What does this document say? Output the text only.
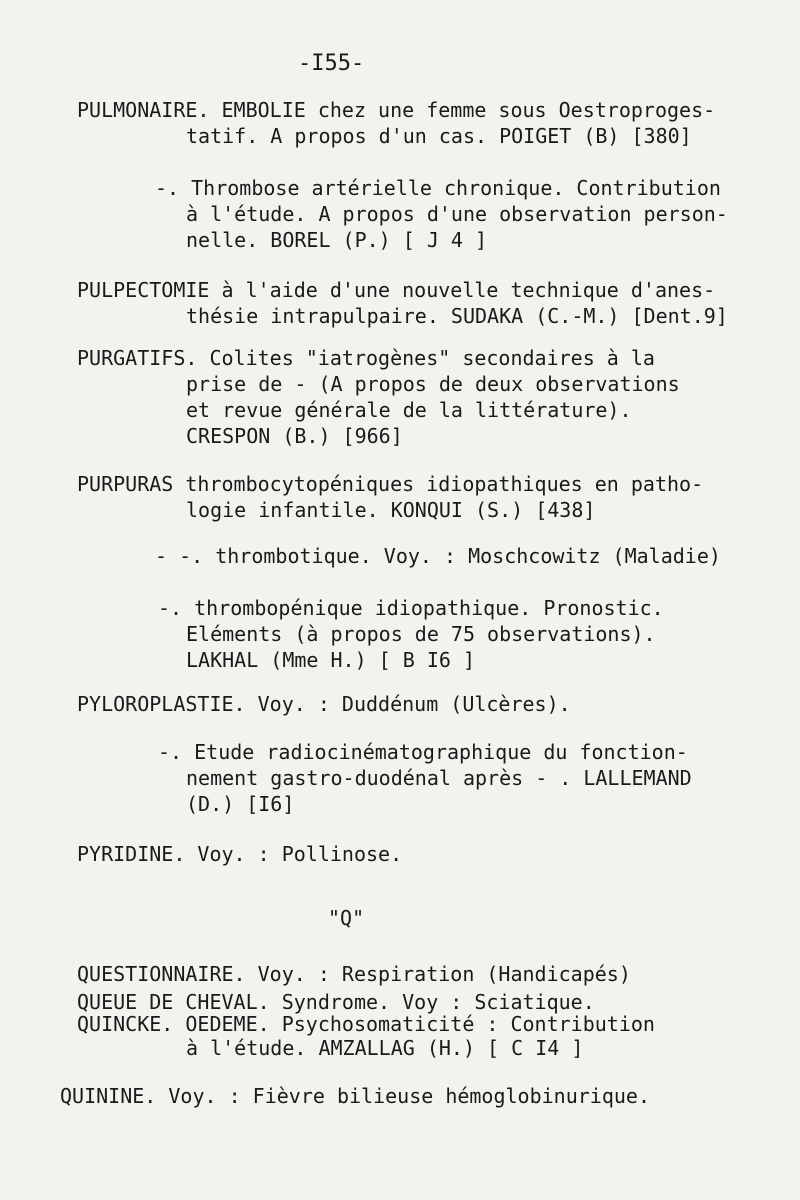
-I55-
PULMONAIRE. EMBOLIE chez une femme sous Oestroproges-
tatif. A propos d'un cas. POIGET (B) [380]
-. Thrombose artérielle chronique. Contribution
à l'étude. A propos d'une observation person-
nelle. BOREL (P.) [ J 4 ]
PULPECTOMIE à l'aide d'une nouvelle technique d'anes-
thésie intrapulpaire. SUDAKA (C.-M.) [Dent.9]
PURGATIFS. Colites "iatrogènes" secondaires à la
prise de - (A propos de deux observations
et revue générale de la littérature).
CRESPON (B.) [966]
PURPURAS thrombocytopéniques idiopathiques en patho-
logie infantile. KONQUI (S.) [438]
- -. thrombotique. Voy. : Moschcowitz (Maladie)
-. thrombopénique idiopathique. Pronostic.
Eléments (à propos de 75 observations).
LAKHAL (Mme H.) [ B I6 ]
PYLOROPLASTIE. Voy. : Duddénum (Ulcères).
-. Etude radiocinématographique du fonction-
nement gastro-duodénal après - . LALLEMAND
(D.) [I6]
PYRIDINE. Voy. : Pollinose.
"Q"
QUESTIONNAIRE. Voy. : Respiration (Handicapés)
QUEUE DE CHEVAL. Syndrome. Voy : Sciatique.
QUINCKE. OEDEME. Psychosomaticité : Contribution
à l'étude. AMZALLAG (H.) [ C I4 ]
QUININE. Voy. : Fièvre bilieuse hémoglobinurique.
